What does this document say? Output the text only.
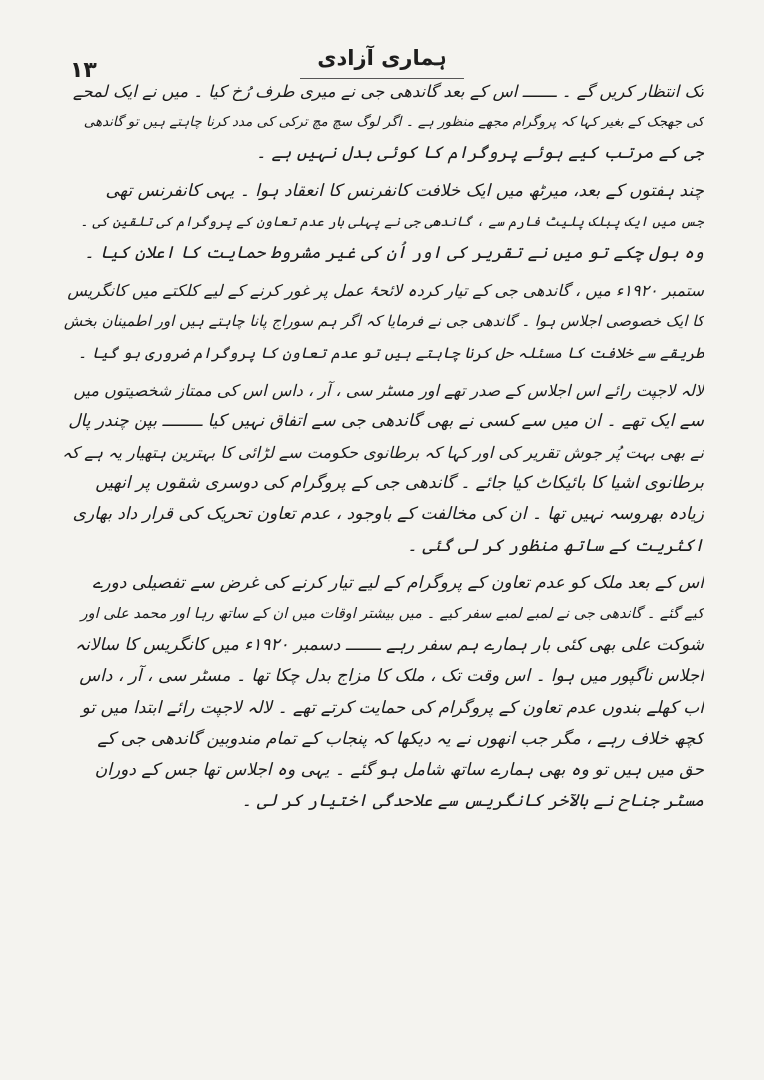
۱۳	ہماری آزادی
تک انتظار کریں گے ۔ ـــــــ اس کے بعد گاندھی جی نے میری طرف رُخ کیا ۔ میں نے ایک لمحے
کی جھجک کے بغیر کہا کہ پروگرام مجھے منظور ہے ۔ اگر لوگ سچ مچ ترکی کی مدد کرنا چاہتے ہیں تو گاندھی
جی کے مرتب کیے ہوئے پروگرام کا کوئی بدل نہیں ہے ۔
چند ہفتوں کے بعد، میرٹھ میں ایک خلافت کانفرنس کا انعقاد ہوا ۔ یہی کانفرنس تھی
جس میں ایک پبلک پلیٹ فارم سے ، گاندھی جی نے پہلی بار عدم تعاون کے پروگرام کی تلقین کی ۔
وہ بول چکے تو میں نے تقریر کی اور اُن کی غیر مشروط حمایت کا اعلان کیا ۔
ستمبر ۱۹۲۰ء میں ، گاندھی جی کے تیار کردہ لائحۂ عمل پر غور کرنے کے لیے کلکتے میں کانگریس
کا ایک خصوصی اجلاس ہوا ۔ گاندھی جی نے فرمایا کہ اگر ہم سوراج پانا چاہتے ہیں اور اطمینان بخش
طریقے سے خلافت کا مسئلہ حل کرنا چاہتے ہیں تو عدم تعاون کا پروگرام ضروری ہو گیا ۔
لالہ لاجپت رائے اس اجلاس کے صدر تھے اور مسٹر سی ، آر ، داس اس کی ممتاز شخصیتوں میں
سے ایک تھے ۔ ان میں سے کسی نے بھی گاندھی جی سے اتفاق نہیں کیا ــــــــ بپن چندر پال
نے بھی بہت پُر جوش تقریر کی اور کہا کہ برطانوی حکومت سے لڑائی کا بہترین ہتھیار یہ ہے کہ
برطانوی اشیا کا بائیکاٹ کیا جائے ۔ گاندھی جی کے پروگرام کی دوسری شقوں پر انھیں
زیادہ بھروسہ نہیں تھا ۔ ان کی مخالفت کے باوجود ، عدم تعاون تحریک کی قرار داد بھاری
اکثریت کے ساتھ منظور کر لی گئی ۔
اس کے بعد ملک کو عدم تعاون کے پروگرام کے لیے تیار کرنے کی غرض سے تفصیلی دورے
کیے گئے ۔ گاندھی جی نے لمبے لمبے سفر کیے ۔ میں بیشتر اوقات میں ان کے ساتھ رہا اور محمد علی اور
شوکت علی بھی کئی بار ہمارے ہم سفر رہے ـــــــ دسمبر ۱۹۲۰ء میں کانگریس کا سالانہ
اجلاس ناگپور میں ہوا ۔ اس وقت تک ، ملک کا مزاج بدل چکا تھا ۔ مسٹر سی ، آر ، داس
اب کھلے بندوں عدم تعاون کے پروگرام کی حمایت کرتے تھے ۔ لالہ لاجپت رائے ابتدا میں تو
کچھ خلاف رہے ، مگر جب انھوں نے یہ دیکھا کہ پنجاب کے تمام مندوبین گاندھی جی کے
حق میں ہیں تو وہ بھی ہمارے ساتھ شامل ہو گئے ۔ یہی وہ اجلاس تھا جس کے دوران
مسٹر جناح نے بالآخر کانگریس سے علاحدگی اختیار کر لی ۔
